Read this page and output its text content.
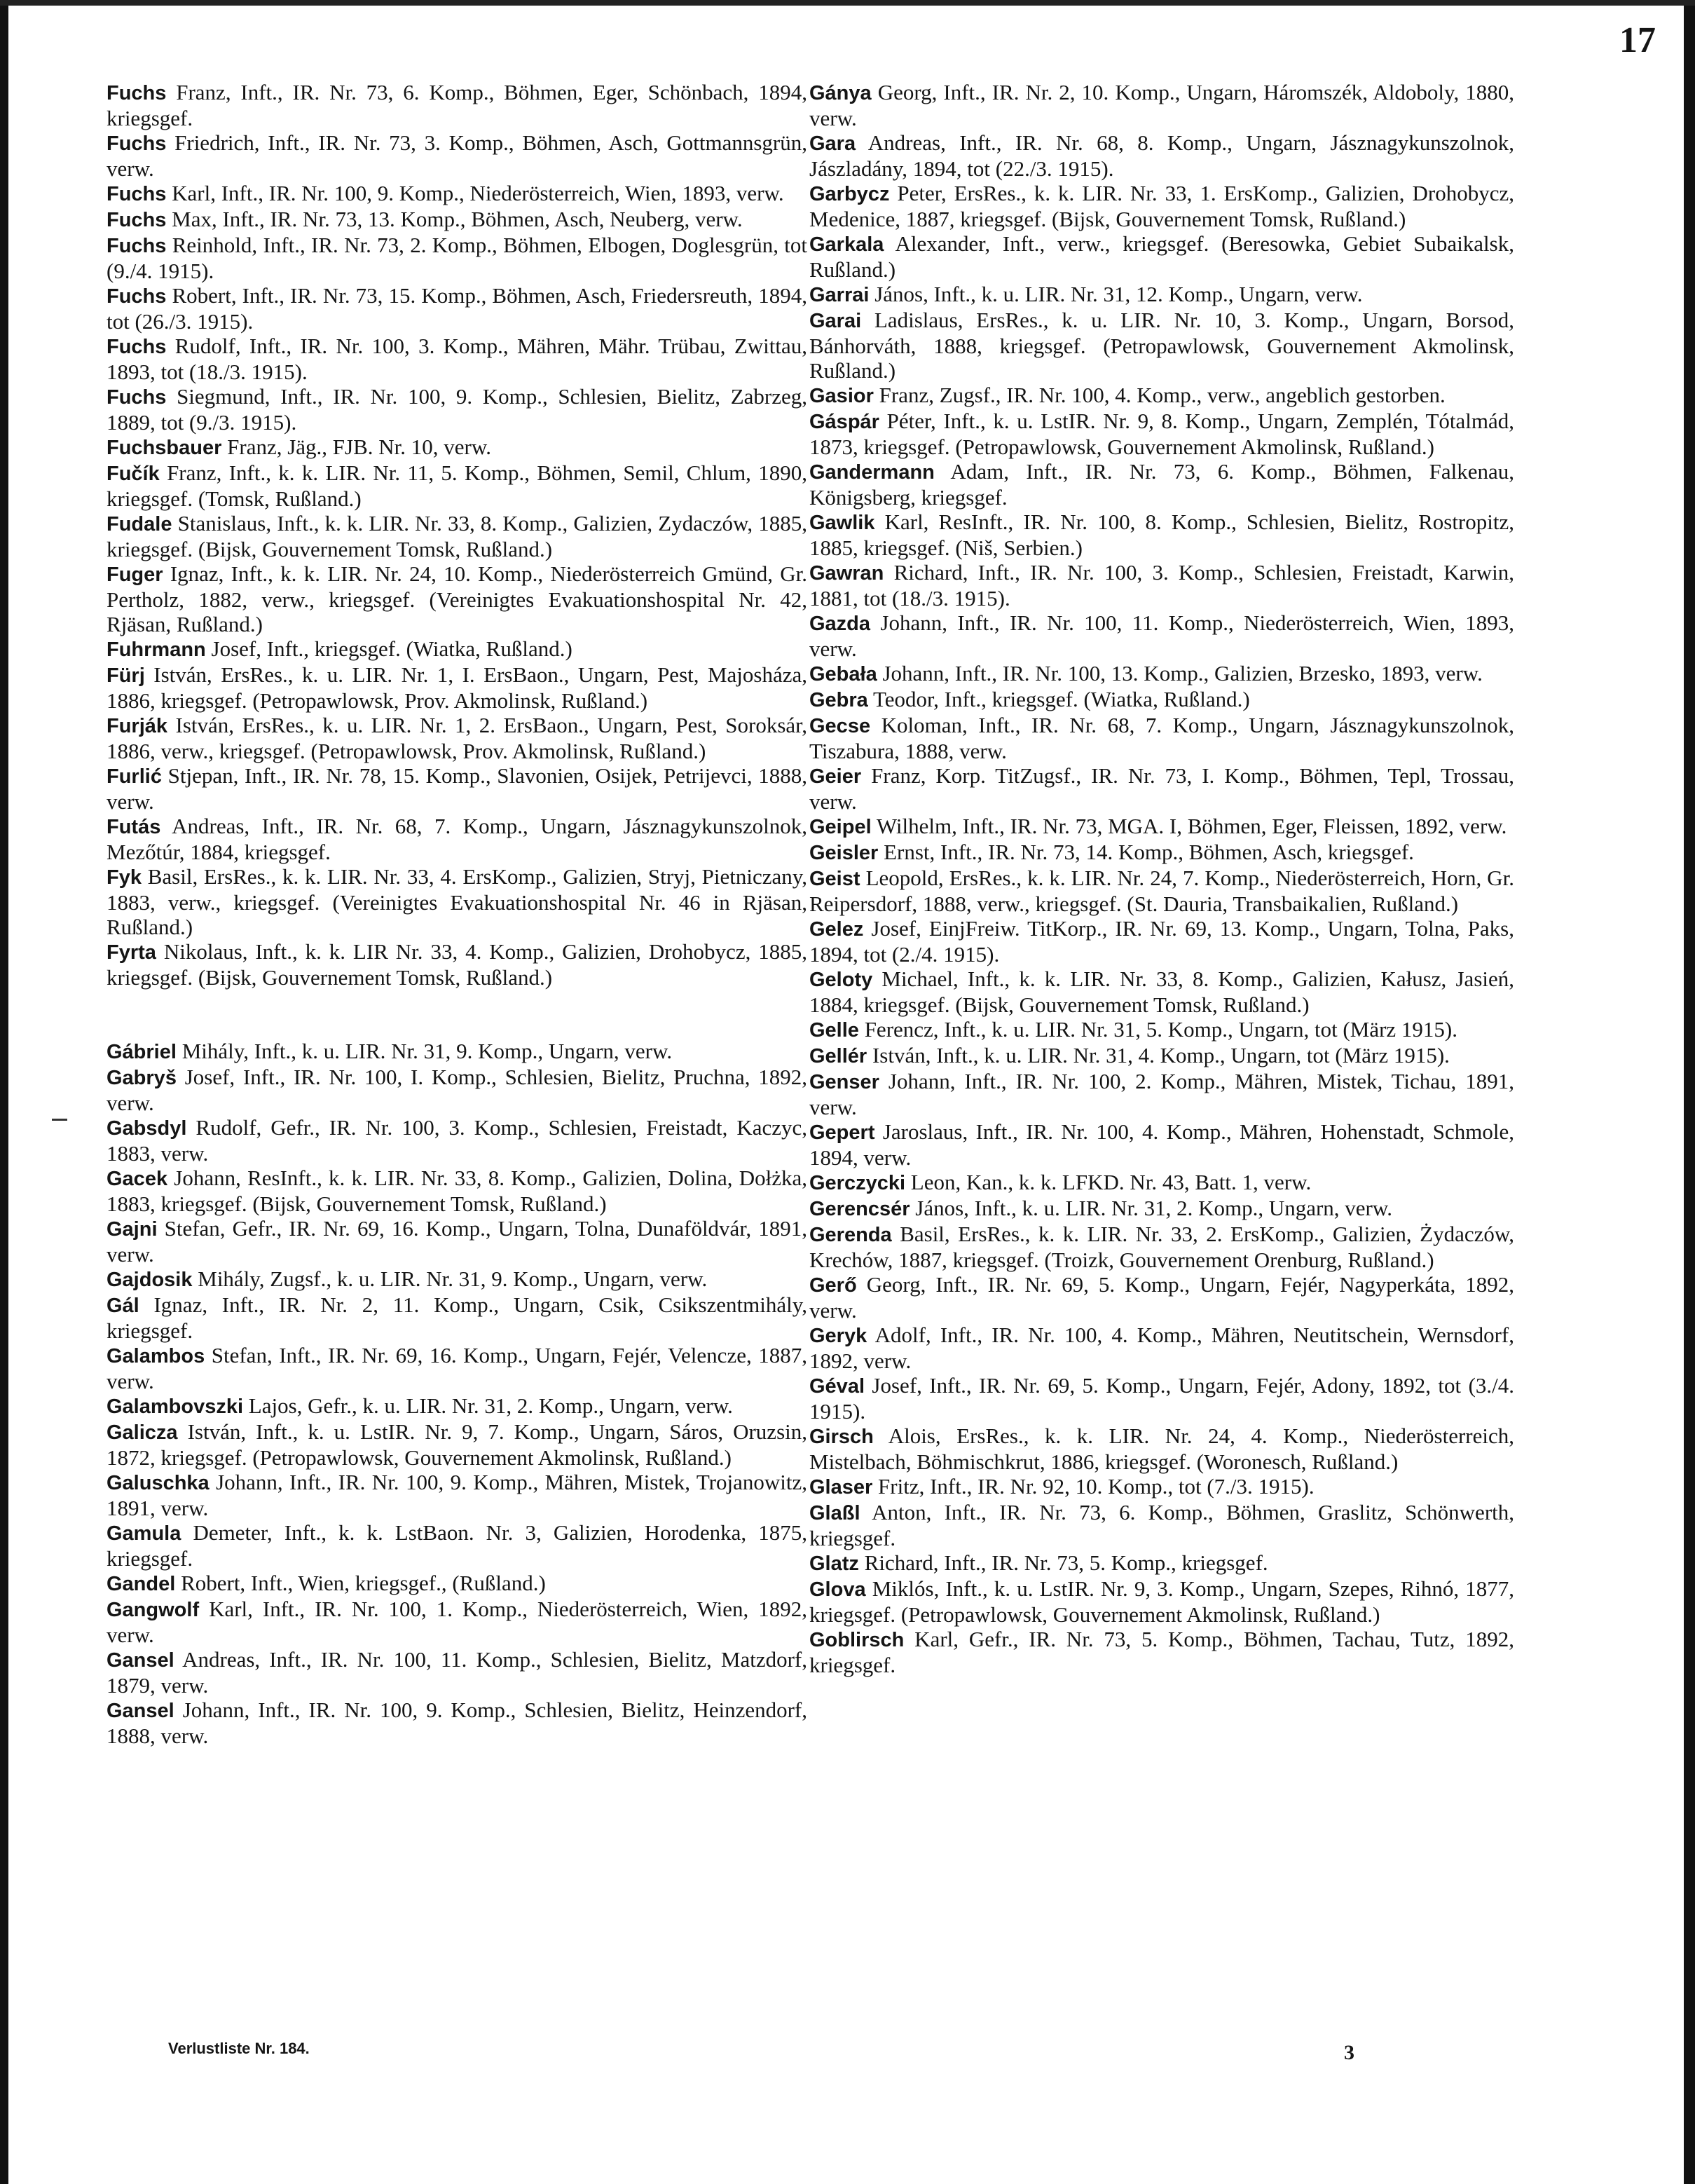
17

Fuchs Franz, Inft., IR. Nr. 73, 6. Komp., Böhmen, Eger, Schönbach, 1894, kriegsgef.

Fuchs Friedrich, Inft., IR. Nr. 73, 3. Komp., Böhmen, Asch, Gottmannsgrün, verw.

Fuchs Karl, Inft., IR. Nr. 100, 9. Komp., Niederösterreich, Wien, 1893, verw.

Fuchs Max, Inft., IR. Nr. 73, 13. Komp., Böhmen, Asch, Neuberg, verw.

Fuchs Reinhold, Inft., IR. Nr. 73, 2. Komp., Böhmen, Elbogen, Doglesgrün, tot (9./4. 1915).

Fuchs Robert, Inft., IR. Nr. 73, 15. Komp., Böhmen, Asch, Friedersreuth, 1894, tot (26./3. 1915).

Fuchs Rudolf, Inft., IR. Nr. 100, 3. Komp., Mähren, Mähr. Trübau, Zwittau, 1893, tot (18./3. 1915).

Fuchs Siegmund, Inft., IR. Nr. 100, 9. Komp., Schlesien, Bielitz, Zabrzeg, 1889, tot (9./3. 1915).

Fuchsbauer Franz, Jäg., FJB. Nr. 10, verw.

Fučík Franz, Inft., k. k. LIR. Nr. 11, 5. Komp., Böhmen, Semil, Chlum, 1890, kriegsgef. (Tomsk, Rußland.)

Fudale Stanislaus, Inft., k. k. LIR. Nr. 33, 8. Komp., Galizien, Zydaczów, 1885, kriegsgef. (Bijsk, Gouvernement Tomsk, Rußland.)

Fuger Ignaz, Inft., k. k. LIR. Nr. 24, 10. Komp., Niederösterreich Gmünd, Gr. Pertholz, 1882, verw., kriegsgef. (Vereinigtes Evakuationshospital Nr. 42, Rjäsan, Rußland.)

Fuhrmann Josef, Inft., kriegsgef. (Wiatka, Rußland.)

Fürj István, ErsRes., k. u. LIR. Nr. 1, I. ErsBaon., Ungarn, Pest, Majosháza, 1886, kriegsgef. (Petropawlowsk, Prov. Akmolinsk, Rußland.)

Furják István, ErsRes., k. u. LIR. Nr. 1, 2. ErsBaon., Ungarn, Pest, Soroksár, 1886, verw., kriegsgef. (Petropawlowsk, Prov. Akmolinsk, Rußland.)

Furlić Stjepan, Inft., IR. Nr. 78, 15. Komp., Slavonien, Osijek, Petrijevci, 1888, verw.

Futás Andreas, Inft., IR. Nr. 68, 7. Komp., Ungarn, Jásznagykunszolnok, Mezőtúr, 1884, kriegsgef.

Fyk Basil, ErsRes., k. k. LIR. Nr. 33, 4. ErsKomp., Galizien, Stryj, Pietniczany, 1883, verw., kriegsgef. (Vereinigtes Evakuationshospital Nr. 46 in Rjäsan, Rußland.)

Fyrta Nikolaus, Inft., k. k. LIR Nr. 33, 4. Komp., Galizien, Drohobycz, 1885, kriegsgef. (Bijsk, Gouvernement Tomsk, Rußland.)

Gábriel Mihály, Inft., k. u. LIR. Nr. 31, 9. Komp., Ungarn, verw.

Gabryš Josef, Inft., IR. Nr. 100, I. Komp., Schlesien, Bielitz, Pruchna, 1892, verw.

Gabsdyl Rudolf, Gefr., IR. Nr. 100, 3. Komp., Schlesien, Freistadt, Kaczyc, 1883, verw.

Gacek Johann, ResInft., k. k. LIR. Nr. 33, 8. Komp., Galizien, Dolina, Dołżka, 1883, kriegsgef. (Bijsk, Gouvernement Tomsk, Rußland.)

Gajni Stefan, Gefr., IR. Nr. 69, 16. Komp., Ungarn, Tolna, Dunaföldvár, 1891, verw.

Gajdosik Mihály, Zugsf., k. u. LIR. Nr. 31, 9. Komp., Ungarn, verw.

Gál Ignaz, Inft., IR. Nr. 2, 11. Komp., Ungarn, Csik, Csikszentmihály, kriegsgef.

Galambos Stefan, Inft., IR. Nr. 69, 16. Komp., Ungarn, Fejér, Velencze, 1887, verw.

Galambovszki Lajos, Gefr., k. u. LIR. Nr. 31, 2. Komp., Ungarn, verw.

Galicza István, Inft., k. u. LstIR. Nr. 9, 7. Komp., Ungarn, Sáros, Oruzsin, 1872, kriegsgef. (Petropawlowsk, Gouvernement Akmolinsk, Rußland.)

Galuschka Johann, Inft., IR. Nr. 100, 9. Komp., Mähren, Mistek, Trojanowitz, 1891, verw.

Gamula Demeter, Inft., k. k. LstBaon. Nr. 3, Galizien, Horodenka, 1875, kriegsgef.

Gandel Robert, Inft., Wien, kriegsgef., (Rußland.)

Gangwolf Karl, Inft., IR. Nr. 100, 1. Komp., Niederösterreich, Wien, 1892, verw.

Gansel Andreas, Inft., IR. Nr. 100, 11. Komp., Schlesien, Bielitz, Matzdorf, 1879, verw.

Gansel Johann, Inft., IR. Nr. 100, 9. Komp., Schlesien, Bielitz, Heinzendorf, 1888, verw.

Gánya Georg, Inft., IR. Nr. 2, 10. Komp., Ungarn, Háromszék, Aldoboly, 1880, verw.

Gara Andreas, Inft., IR. Nr. 68, 8. Komp., Ungarn, Jásznagykunszolnok, Jászladány, 1894, tot (22./3. 1915).

Garbycz Peter, ErsRes., k. k. LIR. Nr. 33, 1. ErsKomp., Galizien, Drohobycz, Medenice, 1887, kriegsgef. (Bijsk, Gouvernement Tomsk, Rußland.)

Garkala Alexander, Inft., verw., kriegsgef. (Beresowka, Gebiet Subaikalsk, Rußland.)

Garrai János, Inft., k. u. LIR. Nr. 31, 12. Komp., Ungarn, verw.

Garai Ladislaus, ErsRes., k. u. LIR. Nr. 10, 3. Komp., Ungarn, Borsod, Bánhorváth, 1888, kriegsgef. (Petropawlowsk, Gouvernement Akmolinsk, Rußland.)

Gasior Franz, Zugsf., IR. Nr. 100, 4. Komp., verw., angeblich gestorben.

Gáspár Péter, Inft., k. u. LstIR. Nr. 9, 8. Komp., Ungarn, Zemplén, Tótalmád, 1873, kriegsgef. (Petropawlowsk, Gouvernement Akmolinsk, Rußland.)

Gandermann Adam, Inft., IR. Nr. 73, 6. Komp., Böhmen, Falkenau, Königsberg, kriegsgef.

Gawlik Karl, ResInft., IR. Nr. 100, 8. Komp., Schlesien, Bielitz, Rostropitz, 1885, kriegsgef. (Niš, Serbien.)

Gawran Richard, Inft., IR. Nr. 100, 3. Komp., Schlesien, Freistadt, Karwin, 1881, tot (18./3. 1915).

Gazda Johann, Inft., IR. Nr. 100, 11. Komp., Niederösterreich, Wien, 1893, verw.

Gebała Johann, Inft., IR. Nr. 100, 13. Komp., Galizien, Brzesko, 1893, verw.

Gebra Teodor, Inft., kriegsgef. (Wiatka, Rußland.)

Gecse Koloman, Inft., IR. Nr. 68, 7. Komp., Ungarn, Jásznagykunszolnok, Tiszabura, 1888, verw.

Geier Franz, Korp. TitZugsf., IR. Nr. 73, I. Komp., Böhmen, Tepl, Trossau, verw.

Geipel Wilhelm, Inft., IR. Nr. 73, MGA. I, Böhmen, Eger, Fleissen, 1892, verw.

Geisler Ernst, Inft., IR. Nr. 73, 14. Komp., Böhmen, Asch, kriegsgef.

Geist Leopold, ErsRes., k. k. LIR. Nr. 24, 7. Komp., Niederösterreich, Horn, Gr. Reipersdorf, 1888, verw., kriegsgef. (St. Dauria, Transbaikalien, Rußland.)

Gelez Josef, EinjFreiw. TitKorp., IR. Nr. 69, 13. Komp., Ungarn, Tolna, Paks, 1894, tot (2./4. 1915).

Geloty Michael, Inft., k. k. LIR. Nr. 33, 8. Komp., Galizien, Kałusz, Jasień, 1884, kriegsgef. (Bijsk, Gouvernement Tomsk, Rußland.)

Gelle Ferencz, Inft., k. u. LIR. Nr. 31, 5. Komp., Ungarn, tot (März 1915).

Gellér István, Inft., k. u. LIR. Nr. 31, 4. Komp., Ungarn, tot (März 1915).

Genser Johann, Inft., IR. Nr. 100, 2. Komp., Mähren, Mistek, Tichau, 1891, verw.

Gepert Jaroslaus, Inft., IR. Nr. 100, 4. Komp., Mähren, Hohenstadt, Schmole, 1894, verw.

Gerczycki Leon, Kan., k. k. LFKD. Nr. 43, Batt. 1, verw.

Gerencsér János, Inft., k. u. LIR. Nr. 31, 2. Komp., Ungarn, verw.

Gerenda Basil, ErsRes., k. k. LIR. Nr. 33, 2. ErsKomp., Galizien, Żydaczów, Krechów, 1887, kriegsgef. (Troizk, Gouvernement Orenburg, Rußland.)

Gerő Georg, Inft., IR. Nr. 69, 5. Komp., Ungarn, Fejér, Nagyperkáta, 1892, verw.

Geryk Adolf, Inft., IR. Nr. 100, 4. Komp., Mähren, Neutitschein, Wernsdorf, 1892, verw.

Géval Josef, Inft., IR. Nr. 69, 5. Komp., Ungarn, Fejér, Adony, 1892, tot (3./4. 1915).

Girsch Alois, ErsRes., k. k. LIR. Nr. 24, 4. Komp., Niederösterreich, Mistelbach, Böhmischkrut, 1886, kriegsgef. (Woronesch, Rußland.)

Glaser Fritz, Inft., IR. Nr. 92, 10. Komp., tot (7./3. 1915).

Glaßl Anton, Inft., IR. Nr. 73, 6. Komp., Böhmen, Graslitz, Schönwerth, kriegsgef.

Glatz Richard, Inft., IR. Nr. 73, 5. Komp., kriegsgef.

Glova Miklós, Inft., k. u. LstIR. Nr. 9, 3. Komp., Ungarn, Szepes, Rihnó, 1877, kriegsgef. (Petropawlowsk, Gouvernement Akmolinsk, Rußland.)

Goblirsch Karl, Gefr., IR. Nr. 73, 5. Komp., Böhmen, Tachau, Tutz, 1892, kriegsgef.

Verlustliste Nr. 184.	3
